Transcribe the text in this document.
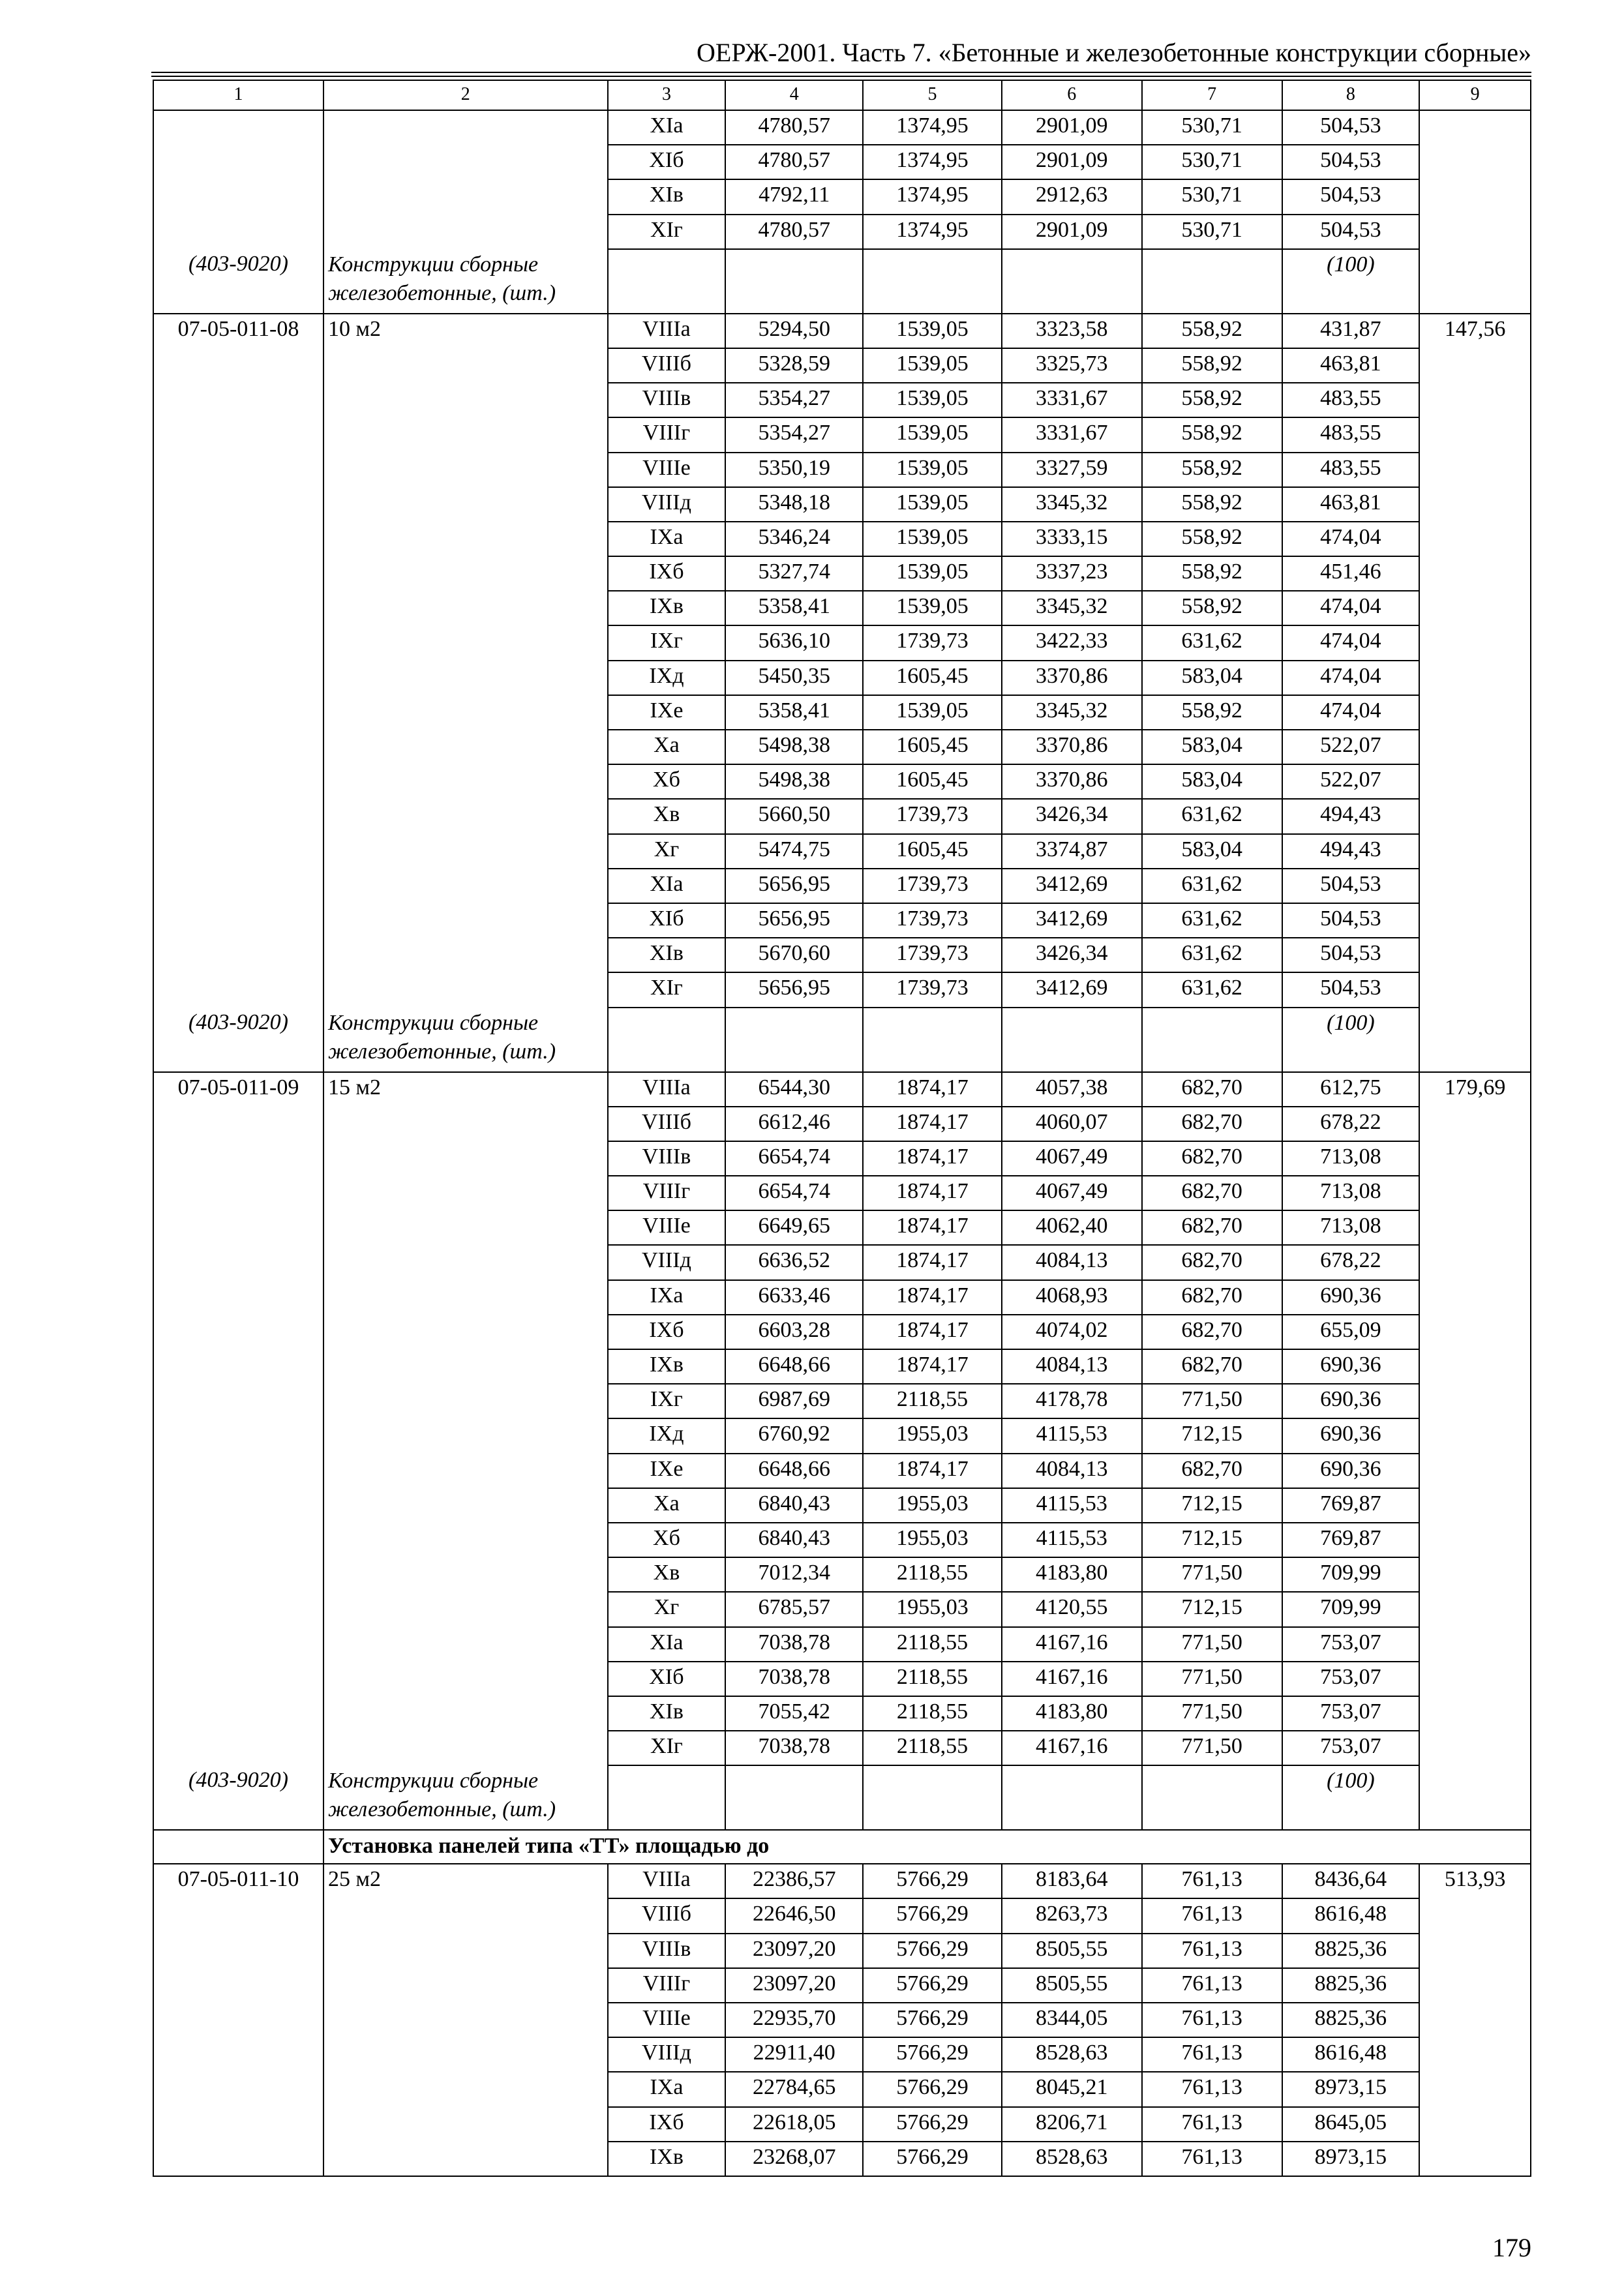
ОЕРЖ-2001. Часть 7. «Бетонные и железобетонные конструкции сборные»
1	2	3	4	5	6	7	8	9
		XIа	4780,57	1374,95	2901,09	530,71	504,53	
		XIб	4780,57	1374,95	2901,09	530,71	504,53	
		XIв	4792,11	1374,95	2912,63	530,71	504,53	
		XIг	4780,57	1374,95	2901,09	530,71	504,53	
(403-9020)	Конструкции сборные железобетонные, (шт.)						(100)	
07-05-011-08	10 м2	VIIIа	5294,50	1539,05	3323,58	558,92	431,87	147,56
		VIIIб	5328,59	1539,05	3325,73	558,92	463,81	
		VIIIв	5354,27	1539,05	3331,67	558,92	483,55	
		VIIIг	5354,27	1539,05	3331,67	558,92	483,55	
		VIIIе	5350,19	1539,05	3327,59	558,92	483,55	
		VIIIд	5348,18	1539,05	3345,32	558,92	463,81	
		IXа	5346,24	1539,05	3333,15	558,92	474,04	
		IXб	5327,74	1539,05	3337,23	558,92	451,46	
		IXв	5358,41	1539,05	3345,32	558,92	474,04	
		IXг	5636,10	1739,73	3422,33	631,62	474,04	
		IXд	5450,35	1605,45	3370,86	583,04	474,04	
		IXе	5358,41	1539,05	3345,32	558,92	474,04	
		Xа	5498,38	1605,45	3370,86	583,04	522,07	
		Xб	5498,38	1605,45	3370,86	583,04	522,07	
		Xв	5660,50	1739,73	3426,34	631,62	494,43	
		Xг	5474,75	1605,45	3374,87	583,04	494,43	
		XIа	5656,95	1739,73	3412,69	631,62	504,53	
		XIб	5656,95	1739,73	3412,69	631,62	504,53	
		XIв	5670,60	1739,73	3426,34	631,62	504,53	
		XIг	5656,95	1739,73	3412,69	631,62	504,53	
(403-9020)	Конструкции сборные железобетонные, (шт.)						(100)	
07-05-011-09	15 м2	VIIIа	6544,30	1874,17	4057,38	682,70	612,75	179,69
		VIIIб	6612,46	1874,17	4060,07	682,70	678,22	
		VIIIв	6654,74	1874,17	4067,49	682,70	713,08	
		VIIIг	6654,74	1874,17	4067,49	682,70	713,08	
		VIIIе	6649,65	1874,17	4062,40	682,70	713,08	
		VIIIд	6636,52	1874,17	4084,13	682,70	678,22	
		IXа	6633,46	1874,17	4068,93	682,70	690,36	
		IXб	6603,28	1874,17	4074,02	682,70	655,09	
		IXв	6648,66	1874,17	4084,13	682,70	690,36	
		IXг	6987,69	2118,55	4178,78	771,50	690,36	
		IXд	6760,92	1955,03	4115,53	712,15	690,36	
		IXе	6648,66	1874,17	4084,13	682,70	690,36	
		Xа	6840,43	1955,03	4115,53	712,15	769,87	
		Xб	6840,43	1955,03	4115,53	712,15	769,87	
		Xв	7012,34	2118,55	4183,80	771,50	709,99	
		Xг	6785,57	1955,03	4120,55	712,15	709,99	
		XIа	7038,78	2118,55	4167,16	771,50	753,07	
		XIб	7038,78	2118,55	4167,16	771,50	753,07	
		XIв	7055,42	2118,55	4183,80	771,50	753,07	
		XIг	7038,78	2118,55	4167,16	771,50	753,07	
(403-9020)	Конструкции сборные железобетонные, (шт.)						(100)	
	Установка панелей типа «ТТ» площадью до							
07-05-011-10	25 м2	VIIIа	22386,57	5766,29	8183,64	761,13	8436,64	513,93
		VIIIб	22646,50	5766,29	8263,73	761,13	8616,48	
		VIIIв	23097,20	5766,29	8505,55	761,13	8825,36	
		VIIIг	23097,20	5766,29	8505,55	761,13	8825,36	
		VIIIе	22935,70	5766,29	8344,05	761,13	8825,36	
		VIIIд	22911,40	5766,29	8528,63	761,13	8616,48	
		IXа	22784,65	5766,29	8045,21	761,13	8973,15	
		IXб	22618,05	5766,29	8206,71	761,13	8645,05	
		IXв	23268,07	5766,29	8528,63	761,13	8973,15	
179
